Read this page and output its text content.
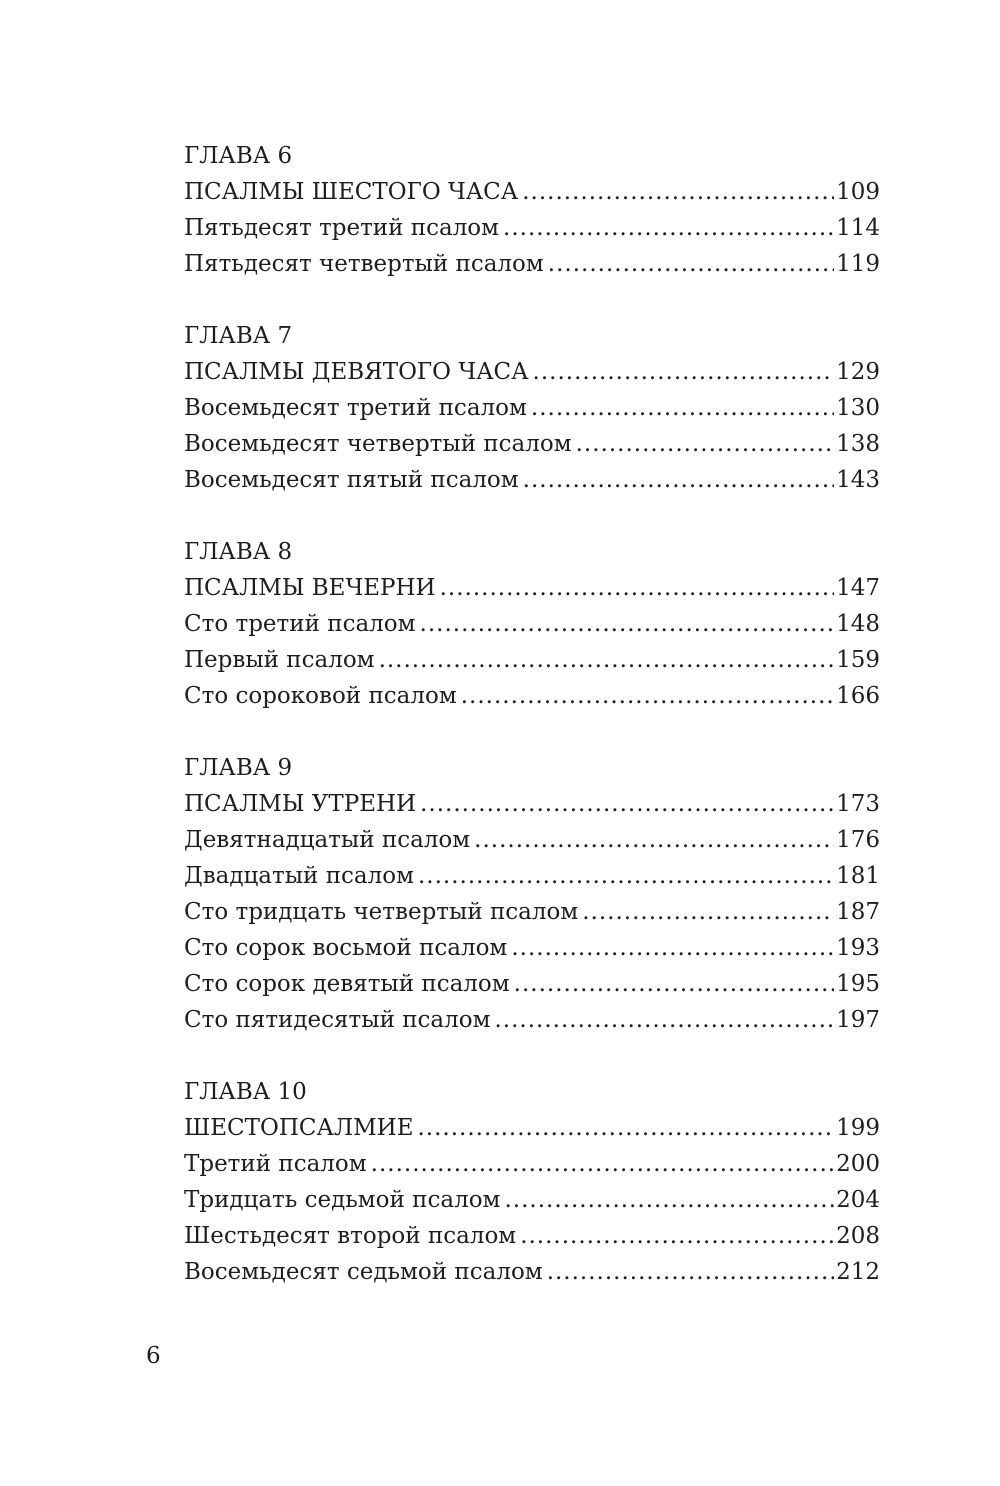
ГЛАВА 6
ПСАЛМЫ ШЕСТОГО ЧАСА .....	109
Пятьдесят третий псалом .....	114
Пятьдесят четвертый псалом .....	119
ГЛАВА 7
ПСАЛМЫ ДЕВЯТОГО ЧАСА .....	129
Восемьдесят третий псалом .....	130
Восемьдесят четвертый псалом .....	138
Восемьдесят пятый псалом .....	143
ГЛАВА 8
ПСАЛМЫ ВЕЧЕРНИ .....	147
Сто третий псалом .....	148
Первый псалом .....	159
Сто сороковой псалом .....	166
ГЛАВА 9
ПСАЛМЫ УТРЕНИ .....	173
Девятнадцатый псалом .....	176
Двадцатый псалом .....	181
Сто тридцать четвертый псалом .....	187
Сто сорок восьмой псалом .....	193
Сто сорок девятый псалом .....	195
Сто пятидесятый псалом .....	197
ГЛАВА 10
ШЕСТОПСАЛМИЕ .....	199
Третий псалом .....	200
Тридцать седьмой псалом .....	204
Шестьдесят второй псалом .....	208
Восемьдесят седьмой псалом .....	212
6
